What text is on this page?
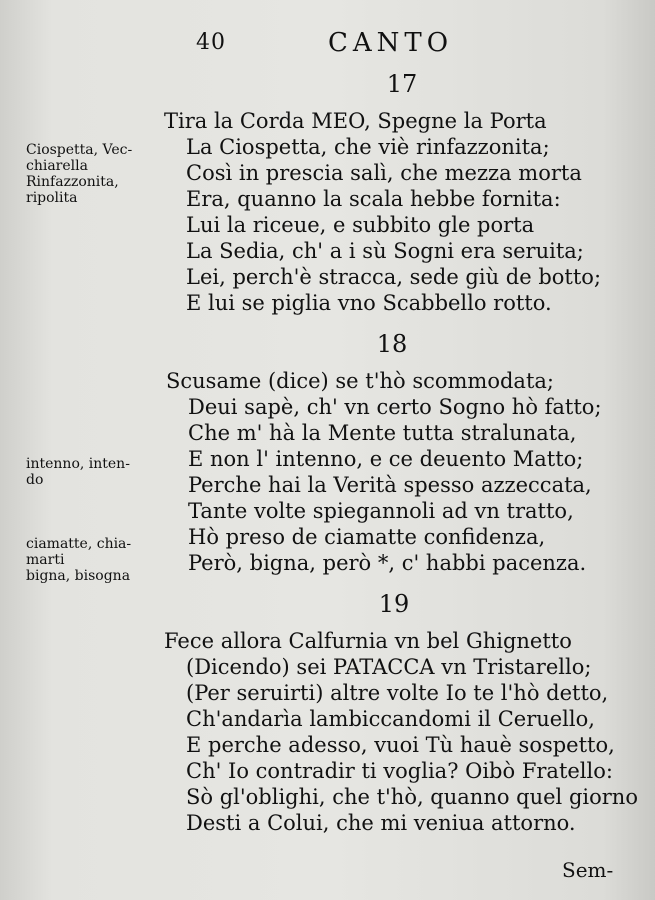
40	CANTO
17
Tira la Corda MEO, Spegne la Porta
La Ciospetta, che viè rinfazzonita;
Così in prescia salì, che mezza morta
Era, quanno la scala hebbe fornita:
Lui la riceue, e subbito gle porta
La Sedia, ch' a i sù Sogni era seruita;
Lei, perch'è stracca, sede giù de botto;
E lui se piglia vno Scabbello rotto.
Ciospetta, Vec-
chiarella
Rinfazzonita,
ripolita
18
Scusame (dice) se t'hò scommodata;
Deui sapè, ch' vn certo Sogno hò fatto;
Che m' hà la Mente tutta stralunata,
E non l' intenno, e ce deuento Matto;
Perche hai la Verità spesso azzeccata,
Tante volte spiegannoli ad vn tratto,
Hò preso de ciamatte confidenza,
Però, bigna, però *, c' habbi pacenza.
intenno, inten-
do
ciamatte, chia-
marti
bigna, bisogna
19
Fece allora Calfurnia vn bel Ghignetto
(Dicendo) sei PATACCA vn Tristarello;
(Per seruirti) altre volte Io te l'hò detto,
Ch'andarìa lambiccandomi il Ceruello,
E perche adesso, vuoi Tù hauè sospetto,
Ch' Io contradir ti voglia? Oibò Fratello:
Sò gl'oblighi, che t'hò, quanno quel giorno
Desti a Colui, che mi veniua attorno.
Sem-
